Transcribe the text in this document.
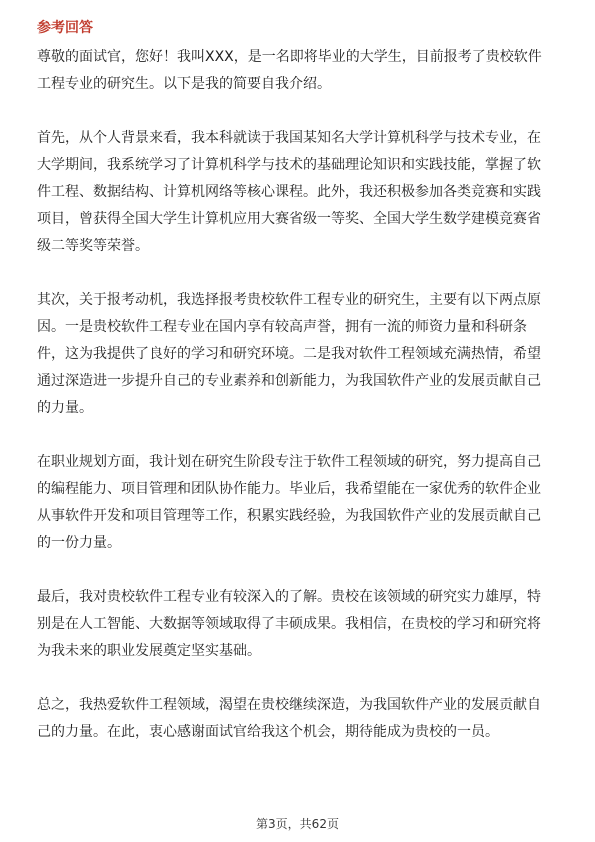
参考回答
尊敬的面试官，您好！我叫XXX，是一名即将毕业的大学生，目前报考了贵校软件
工程专业的研究生。以下是我的简要自我介绍。
首先，从个人背景来看，我本科就读于我国某知名大学计算机科学与技术专业，在
大学期间，我系统学习了计算机科学与技术的基础理论知识和实践技能，掌握了软
件工程、数据结构、计算机网络等核心课程。此外，我还积极参加各类竞赛和实践
项目，曾获得全国大学生计算机应用大赛省级一等奖、全国大学生数学建模竞赛省
级二等奖等荣誉。
其次，关于报考动机，我选择报考贵校软件工程专业的研究生，主要有以下两点原
因。一是贵校软件工程专业在国内享有较高声誉，拥有一流的师资力量和科研条
件，这为我提供了良好的学习和研究环境。二是我对软件工程领域充满热情，希望
通过深造进一步提升自己的专业素养和创新能力，为我国软件产业的发展贡献自己
的力量。
在职业规划方面，我计划在研究生阶段专注于软件工程领域的研究，努力提高自己
的编程能力、项目管理和团队协作能力。毕业后，我希望能在一家优秀的软件企业
从事软件开发和项目管理等工作，积累实践经验，为我国软件产业的发展贡献自己
的一份力量。
最后，我对贵校软件工程专业有较深入的了解。贵校在该领域的研究实力雄厚，特
别是在人工智能、大数据等领域取得了丰硕成果。我相信，在贵校的学习和研究将
为我未来的职业发展奠定坚实基础。
总之，我热爱软件工程领域，渴望在贵校继续深造，为我国软件产业的发展贡献自
己的力量。在此，衷心感谢面试官给我这个机会，期待能成为贵校的一员。
第3页，共62页
